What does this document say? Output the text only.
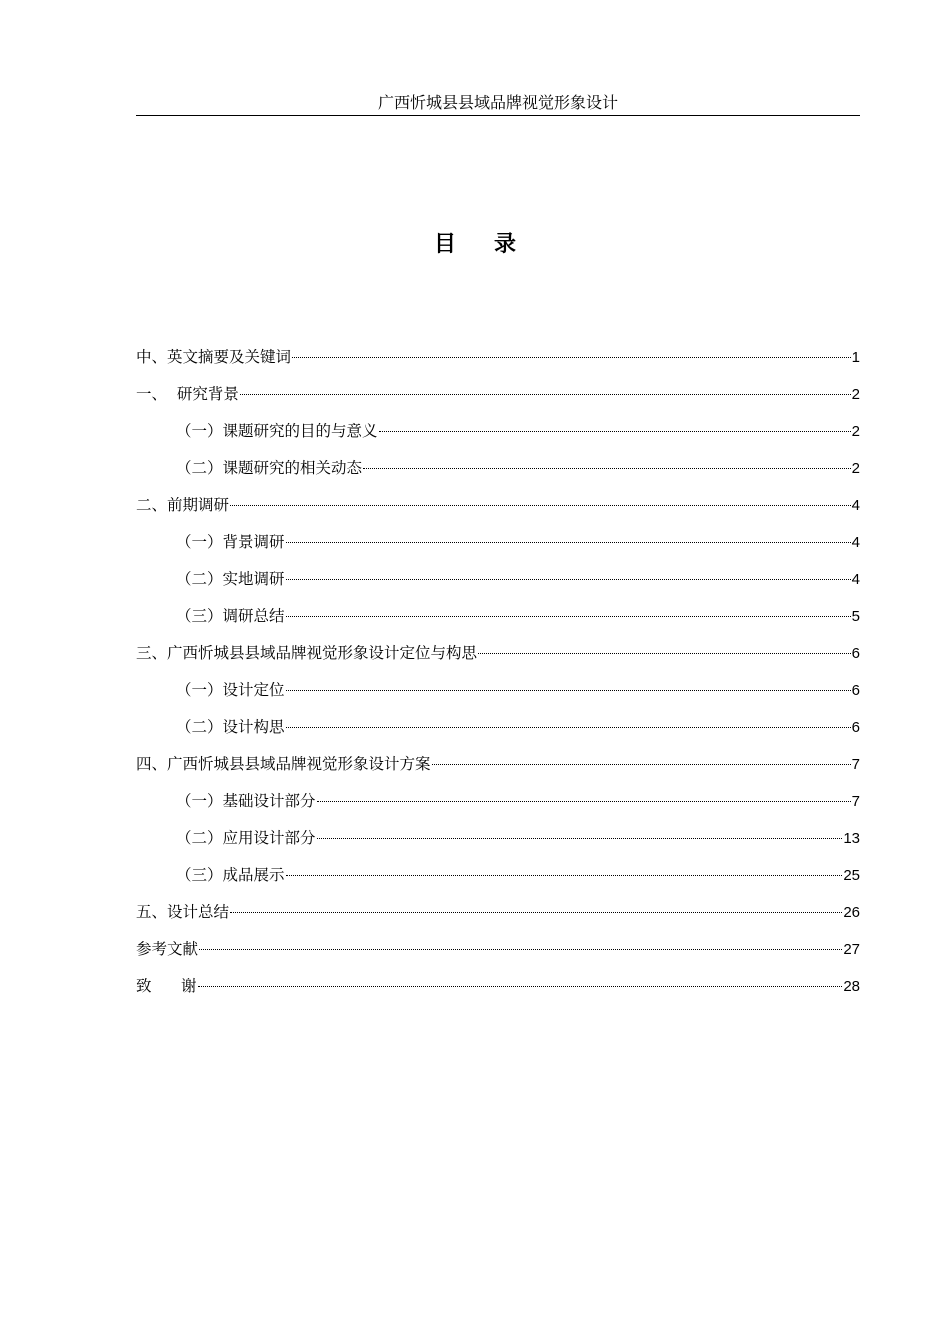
广西忻城县县域品牌视觉形象设计
目 录
中、英文摘要及关键词	1
一、  研究背景	2
（一）课题研究的目的与意义	2
（二）课题研究的相关动态	2
二、前期调研	4
（一）背景调研	4
（二）实地调研	4
（三）调研总结	5
三、广西忻城县县域品牌视觉形象设计定位与构思	6
（一）设计定位	6
（二）设计构思	6
四、广西忻城县县域品牌视觉形象设计方案	7
（一）基础设计部分	7
（二）应用设计部分	13
（三）成品展示	25
五、设计总结	26
参考文献	27
致      谢	28
